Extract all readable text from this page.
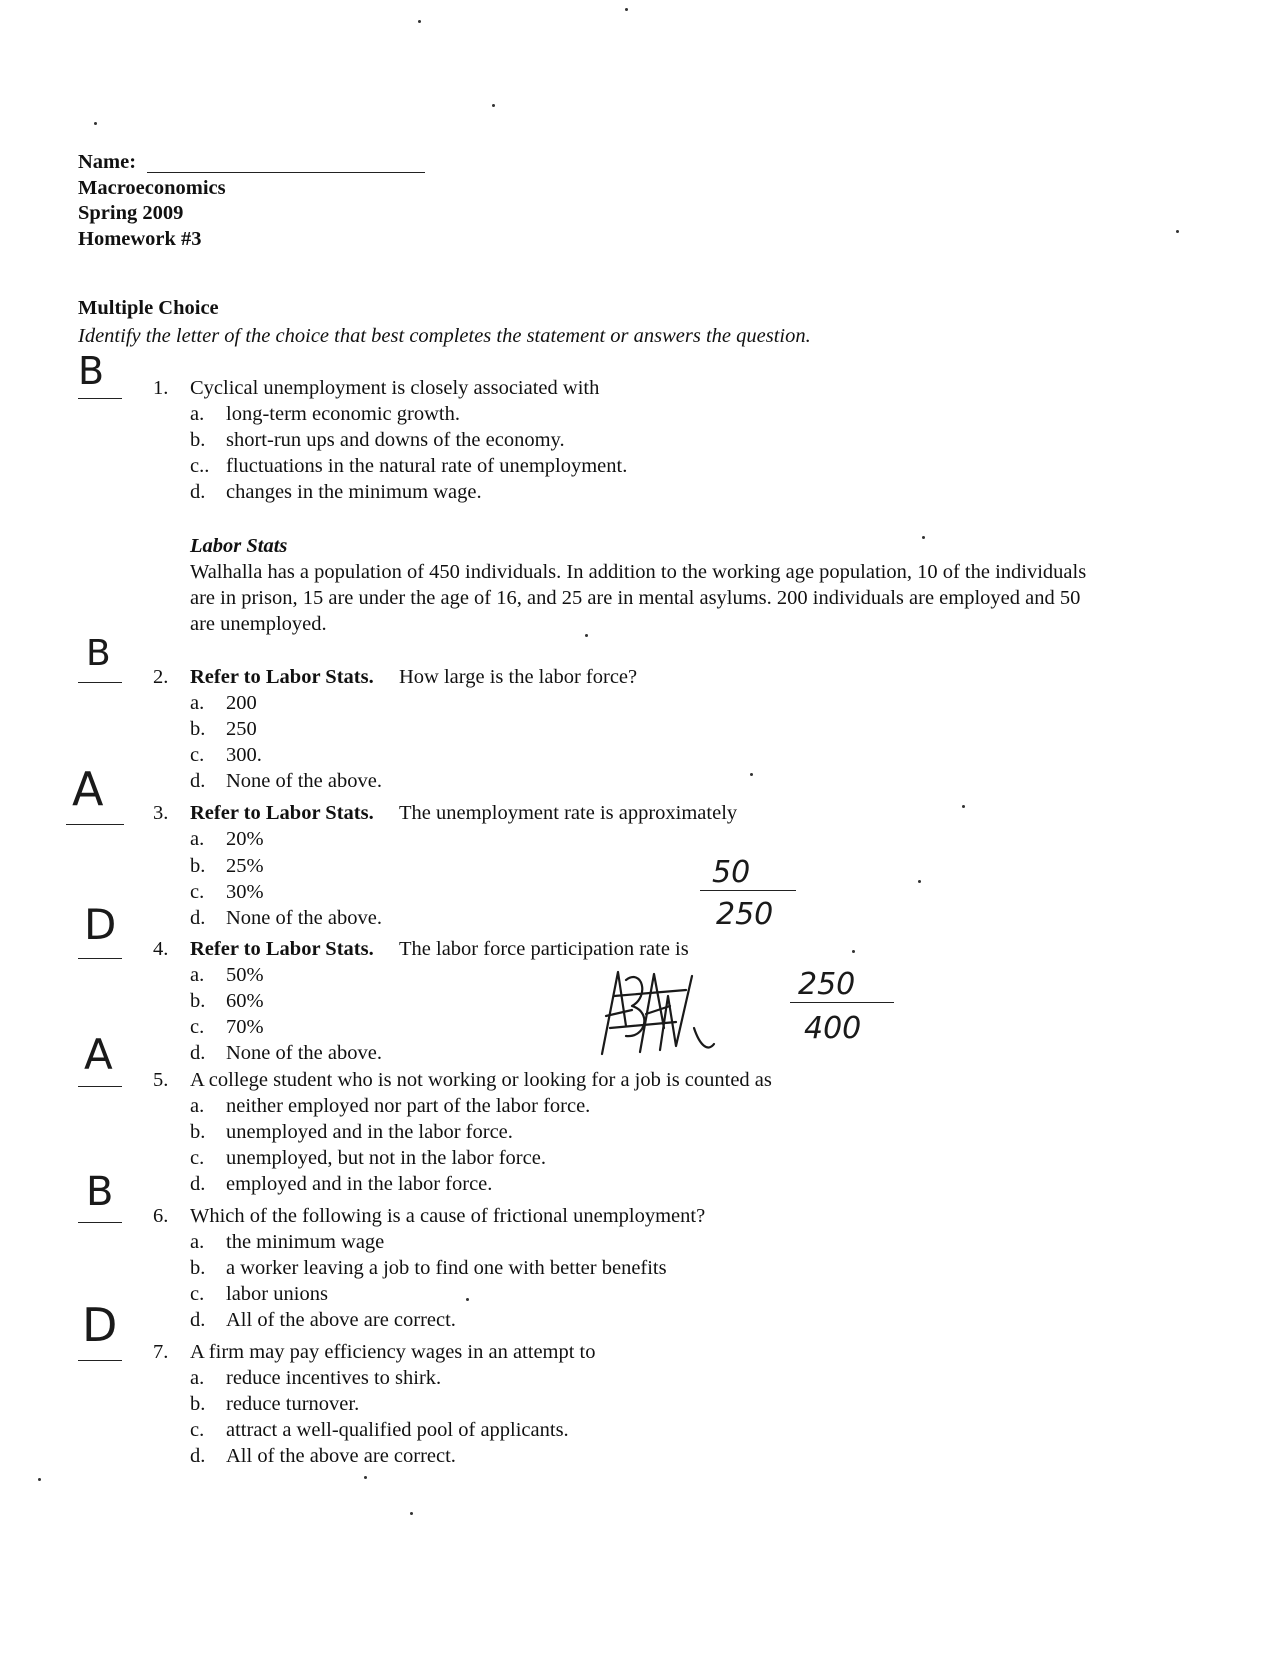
Name:
Macroeconomics
Spring 2009
Homework #3
Multiple Choice
Identify the letter of the choice that best completes the statement or answers the question.
B 1. Cyclical unemployment is closely associated with
a. long-term economic growth.
b. short-run ups and downs of the economy.
c.. fluctuations in the natural rate of unemployment.
d. changes in the minimum wage.
Labor Stats
Walhalla has a population of 450 individuals. In addition to the working age population, 10 of the individuals
are in prison, 15 are under the age of 16, and 25 are in mental asylums. 200 individuals are employed and 50
are unemployed.
B
2. Refer to Labor Stats. How large is the labor force?
a. 200
b. 250
c. 300.
d. None of the above.
A 3. Refer to Labor Stats. The unemployment rate is approximately
a. 20%
b. 25%
c. 30%
d. None of the above.
50
250
D 4. Refer to Labor Stats. The labor force participation rate is
a. 50%
b. 60%
c. 70%
d. None of the above.
250
400
A
5. A college student who is not working or looking for a job is counted as
a. neither employed nor part of the labor force.
b. unemployed and in the labor force.
c. unemployed, but not in the labor force.
d. employed and in the labor force.
B
6. Which of the following is a cause of frictional unemployment?
a. the minimum wage
b. a worker leaving a job to find one with better benefits
c. labor unions
d. All of the above are correct.
D 7. A firm may pay efficiency wages in an attempt to
a. reduce incentives to shirk.
b. reduce turnover.
c. attract a well-qualified pool of applicants.
d. All of the above are correct.
